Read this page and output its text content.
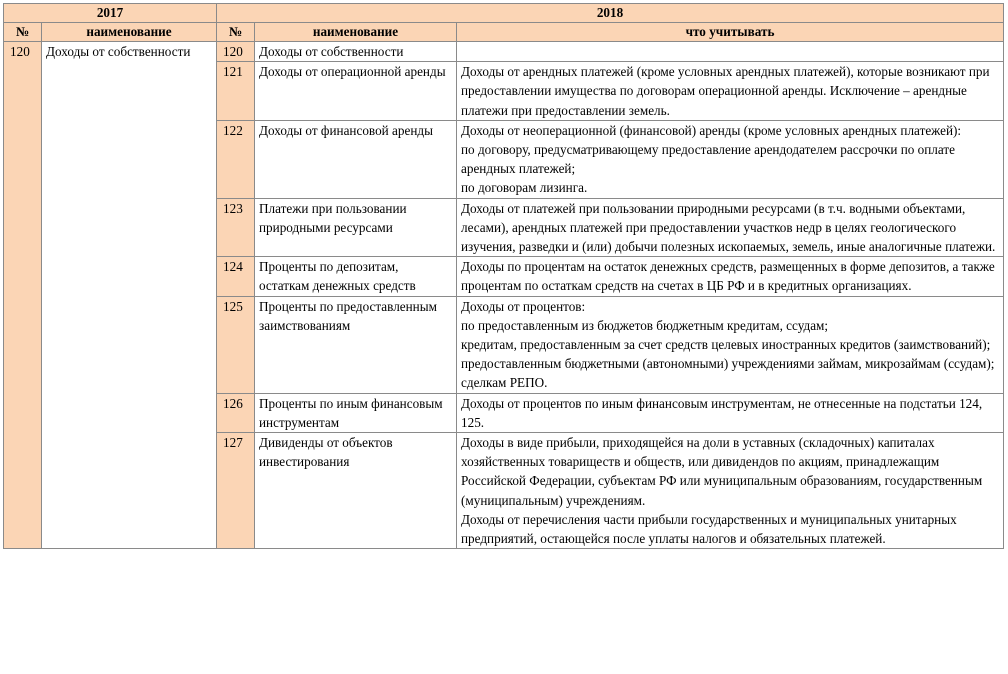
2017		2018		
№	наименование	№	наименование	что учитывать
120	Доходы от собственности	120	Доходы от собственности	
		121	Доходы от операционной аренды	Доходы от арендных платежей (кроме условных арендных платежей), которые возникают при предоставлении имущества по договорам операционной аренды. Исключение – арендные платежи при предоставлении земель.

		122	Доходы от финансовой аренды	Доходы от неоперационной (финансовой) аренды (кроме условных арендных платежей):
по договору, предусматривающему предоставление арендодателем рассрочки по оплате арендных платежей;
по договорам лизинга.

		123	Платежи при пользовании природными ресурсами	Доходы от платежей при пользовании природными ресурсами (в т.ч. водными объектами, лесами), арендных платежей при предоставлении участков недр в целях геологического изучения, разведки и (или) добычи полезных ископаемых, земель, иные аналогичные платежи.

		124	Проценты по депозитам, остаткам денежных средств	Доходы по процентам на остаток денежных средств, размещенных в форме депозитов, а также процентам по остаткам средств на счетах в ЦБ РФ и в кредитных организациях.

		125	Проценты по предоставленным заимствованиям	Доходы от процентов:
по предоставленным из бюджетов бюджетным кредитам, ссудам;
кредитам, предоставленным за счет средств целевых иностранных кредитов (заимствований);
предоставленным бюджетными (автономными) учреждениями займам, микрозаймам (ссудам);
сделкам РЕПО.

		126	Проценты по иным финансовым инструментам	Доходы от процентов по иным финансовым инструментам, не отнесенные на подстатьи 124, 125.

		127	Дивиденды от объектов инвестирования	Доходы в виде прибыли, приходящейся на доли в уставных (складочных) капиталах хозяйственных товариществ и обществ, или дивидендов по акциям, принадлежащим Российской Федерации, субъектам РФ или муниципальным образованиям, государственным (муниципальным) учреждениям.
Доходы от перечисления части прибыли государственных и муниципальных унитарных предприятий, остающейся после уплаты налогов и обязательных платежей.
